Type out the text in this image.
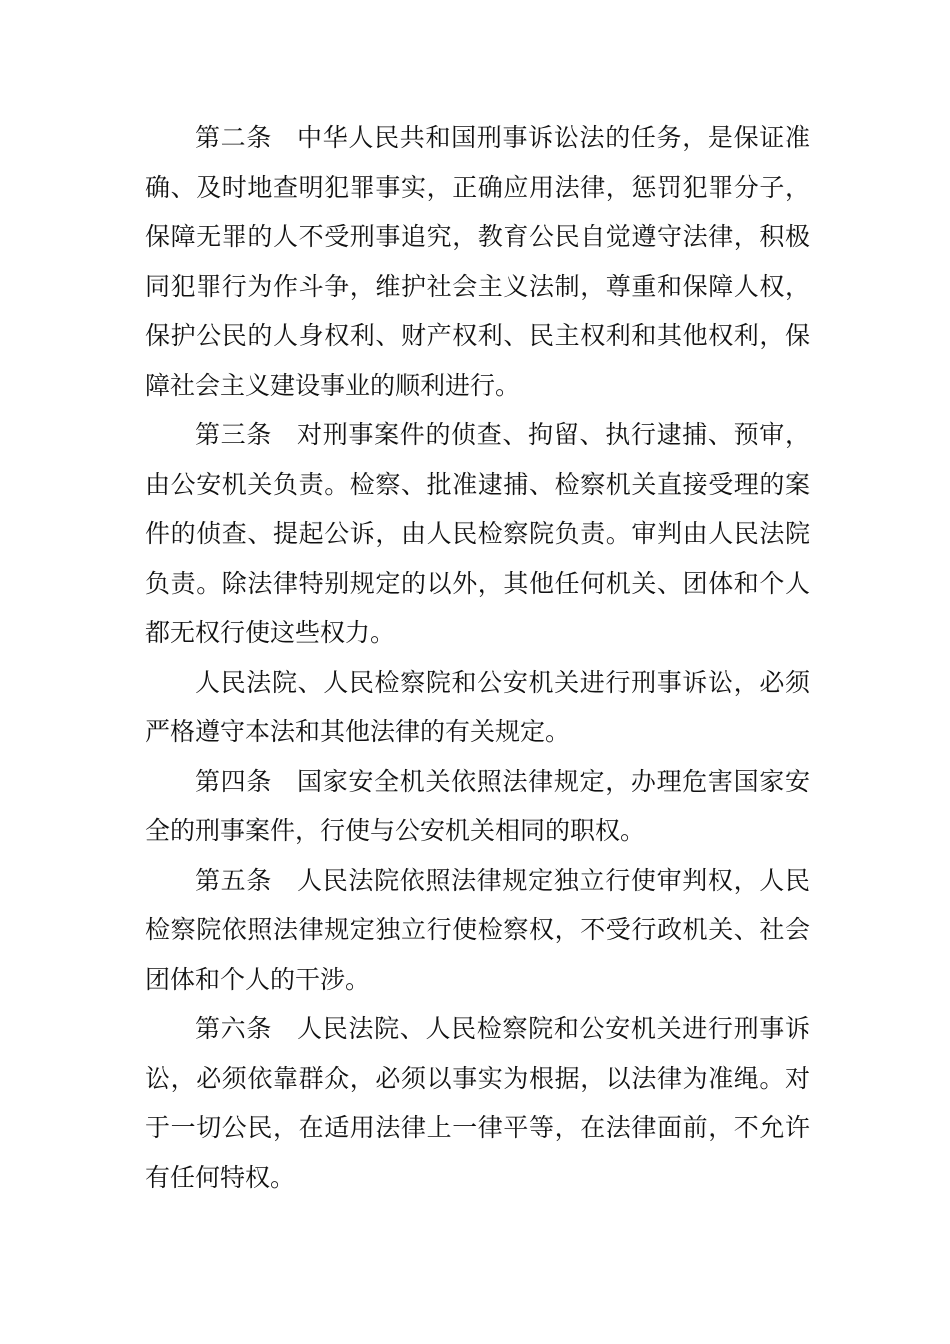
第二条 中华人民共和国刑事诉讼法的任务，是保证准确、及时地查明犯罪事实，正确应用法律，惩罚犯罪分子，保障无罪的人不受刑事追究，教育公民自觉遵守法律，积极同犯罪行为作斗争，维护社会主义法制，尊重和保障人权，保护公民的人身权利、财产权利、民主权利和其他权利，保障社会主义建设事业的顺利进行。

第三条 对刑事案件的侦查、拘留、执行逮捕、预审，由公安机关负责。检察、批准逮捕、检察机关直接受理的案件的侦查、提起公诉，由人民检察院负责。审判由人民法院负责。除法律特别规定的以外，其他任何机关、团体和个人都无权行使这些权力。

人民法院、人民检察院和公安机关进行刑事诉讼，必须严格遵守本法和其他法律的有关规定。

第四条 国家安全机关依照法律规定，办理危害国家安全的刑事案件，行使与公安机关相同的职权。

第五条 人民法院依照法律规定独立行使审判权，人民检察院依照法律规定独立行使检察权，不受行政机关、社会团体和个人的干涉。

第六条 人民法院、人民检察院和公安机关进行刑事诉讼，必须依靠群众，必须以事实为根据，以法律为准绳。对于一切公民，在适用法律上一律平等，在法律面前，不允许有任何特权。
